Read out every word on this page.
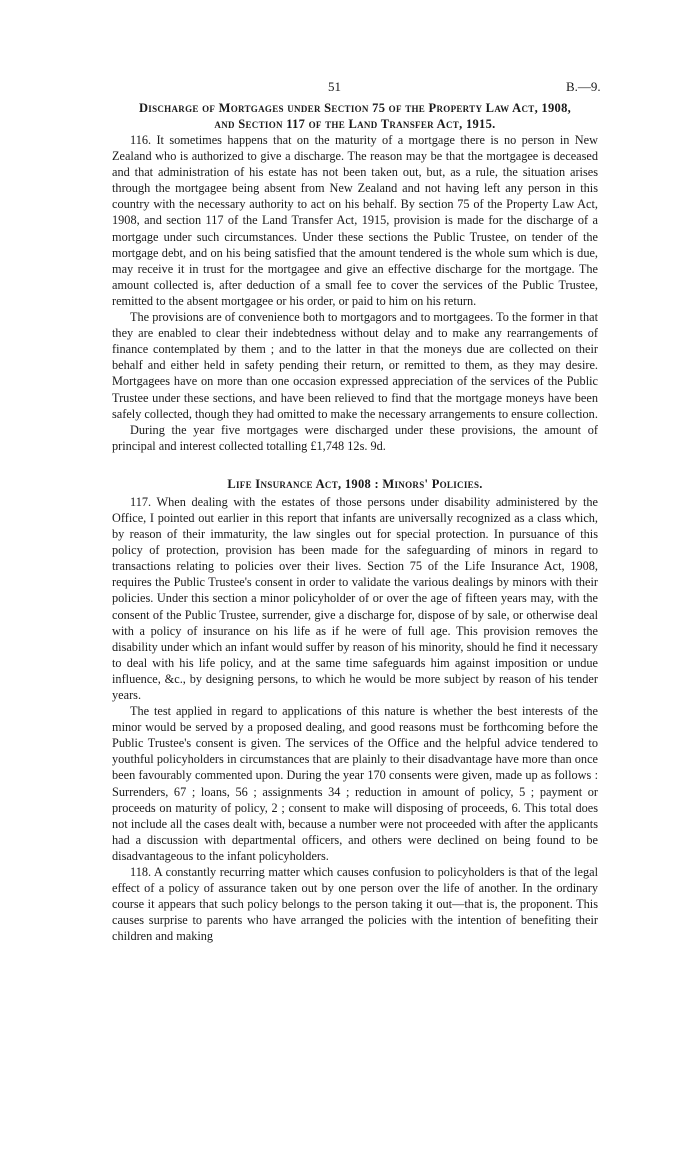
51	B.—9.
Discharge of Mortgages under Section 75 of the Property Law Act, 1908,
and Section 117 of the Land Transfer Act, 1915.

116. It sometimes happens that on the maturity of a mortgage there is no person in New Zealand who is authorized to give a discharge. The reason may be that the mortgagee is deceased and that administration of his estate has not been taken out, but, as a rule, the situation arises through the mortgagee being absent from New Zealand and not having left any person in this country with the necessary authority to act on his behalf. By section 75 of the Property Law Act, 1908, and section 117 of the Land Transfer Act, 1915, provision is made for the discharge of a mortgage under such circumstances. Under these sections the Public Trustee, on tender of the mortgage debt, and on his being satisfied that the amount tendered is the whole sum which is due, may receive it in trust for the mortgagee and give an effective discharge for the mortgage. The amount collected is, after deduction of a small fee to cover the services of the Public Trustee, remitted to the absent mortgagee or his order, or paid to him on his return.

The provisions are of convenience both to mortgagors and to mortgagees. To the former in that they are enabled to clear their indebtedness without delay and to make any rearrangements of finance contemplated by them ; and to the latter in that the moneys due are collected on their behalf and either held in safety pending their return, or remitted to them, as they may desire. Mortgagees have on more than one occasion expressed appreciation of the services of the Public Trustee under these sections, and have been relieved to find that the mortgage moneys have been safely collected, though they had omitted to make the necessary arrangements to ensure collection.

During the year five mortgages were discharged under these provisions, the amount of principal and interest collected totalling £1,748 12s. 9d.

Life Insurance Act, 1908 : Minors' Policies.

117. When dealing with the estates of those persons under disability administered by the Office, I pointed out earlier in this report that infants are universally recognized as a class which, by reason of their immaturity, the law singles out for special protection. In pursuance of this policy of protection, provision has been made for the safeguarding of minors in regard to transactions relating to policies over their lives. Section 75 of the Life Insurance Act, 1908, requires the Public Trustee's consent in order to validate the various dealings by minors with their policies. Under this section a minor policyholder of or over the age of fifteen years may, with the consent of the Public Trustee, surrender, give a discharge for, dispose of by sale, or otherwise deal with a policy of insurance on his life as if he were of full age. This provision removes the disability under which an infant would suffer by reason of his minority, should he find it necessary to deal with his life policy, and at the same time safeguards him against imposition or undue influence, &c., by designing persons, to which he would be more subject by reason of his tender years.

The test applied in regard to applications of this nature is whether the best interests of the minor would be served by a proposed dealing, and good reasons must be forthcoming before the Public Trustee's consent is given. The services of the Office and the helpful advice tendered to youthful policyholders in circumstances that are plainly to their disadvantage have more than once been favourably commented upon. During the year 170 consents were given, made up as follows : Surrenders, 67 ; loans, 56 ; assignments 34 ; reduction in amount of policy, 5 ; payment or proceeds on maturity of policy, 2 ; consent to make will disposing of proceeds, 6. This total does not include all the cases dealt with, because a number were not proceeded with after the applicants had a discussion with departmental officers, and others were declined on being found to be disadvantageous to the infant policyholders.

118. A constantly recurring matter which causes confusion to policyholders is that of the legal effect of a policy of assurance taken out by one person over the life of another. In the ordinary course it appears that such policy belongs to the person taking it out—that is, the proponent. This causes surprise to parents who have arranged the policies with the intention of benefiting their children and making
